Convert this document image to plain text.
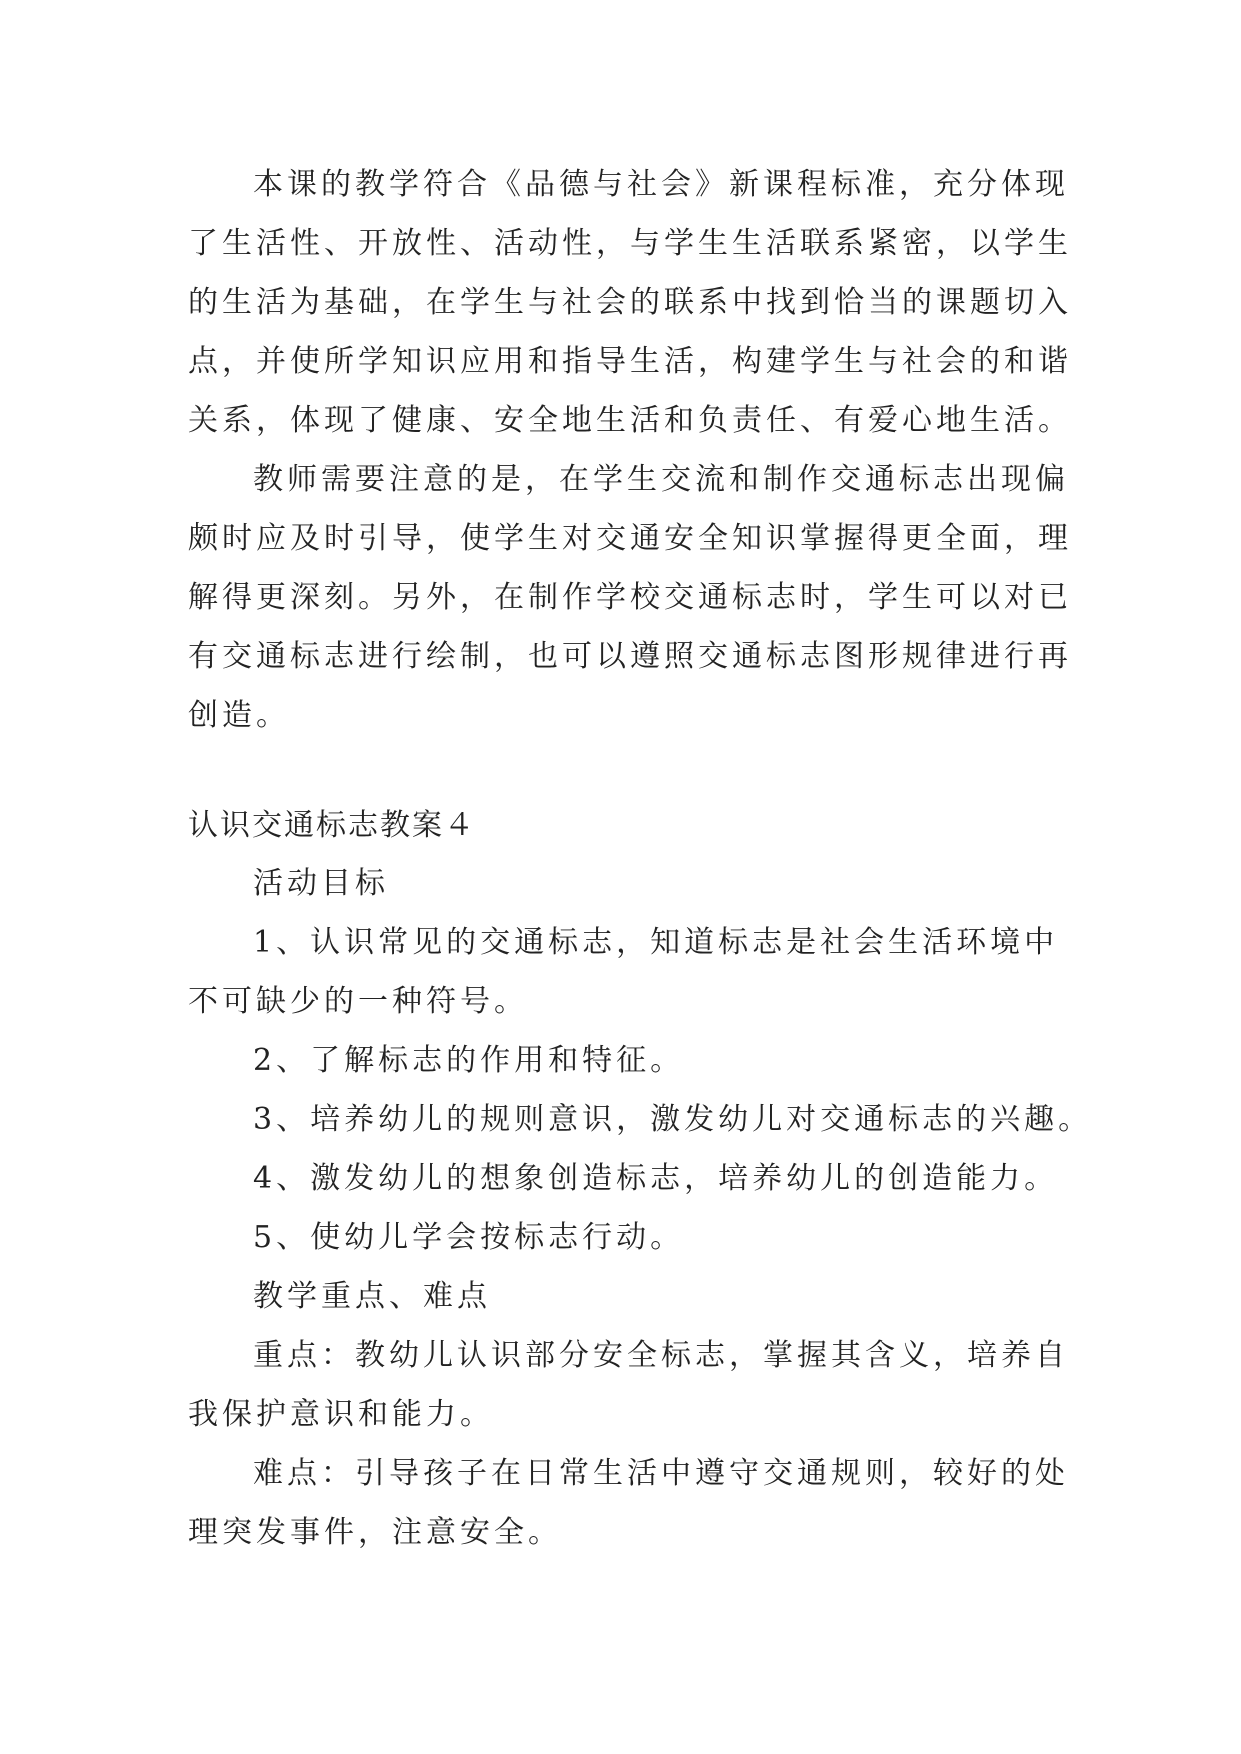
本课的教学符合《品德与社会》新课程标准，充分体现
了生活性、开放性、活动性，与学生生活联系紧密，以学生
的生活为基础，在学生与社会的联系中找到恰当的课题切入
点，并使所学知识应用和指导生活，构建学生与社会的和谐
关系，体现了健康、安全地生活和负责任、有爱心地生活。
教师需要注意的是，在学生交流和制作交通标志出现偏
颇时应及时引导，使学生对交通安全知识掌握得更全面，理
解得更深刻。另外，在制作学校交通标志时，学生可以对已
有交通标志进行绘制，也可以遵照交通标志图形规律进行再
创造。
认识交通标志教案４
活动目标
1、认识常见的交通标志，知道标志是社会生活环境中
不可缺少的一种符号。
2、了解标志的作用和特征。
3、培养幼儿的规则意识，激发幼儿对交通标志的兴趣。
4、激发幼儿的想象创造标志，培养幼儿的创造能力。
5、使幼儿学会按标志行动。
教学重点、难点
重点：教幼儿认识部分安全标志，掌握其含义，培养自
我保护意识和能力。
难点：引导孩子在日常生活中遵守交通规则，较好的处
理突发事件，注意安全。
